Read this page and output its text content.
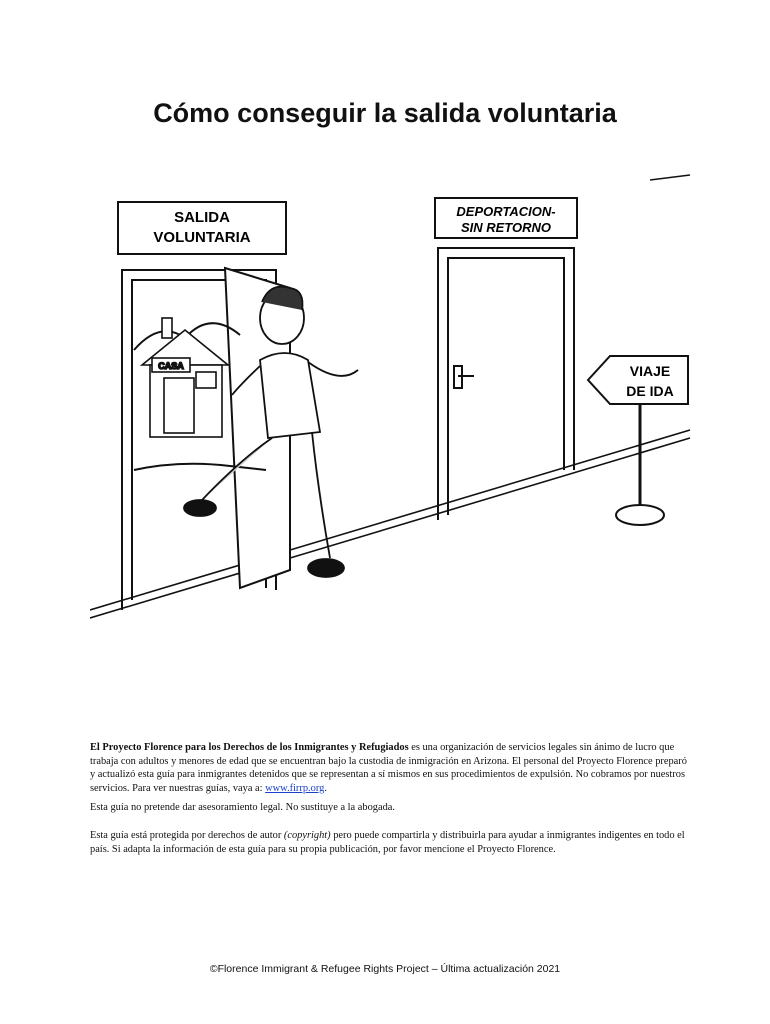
Cómo conseguir la salida voluntaria
SALIDA
VOLUNTARIA
CASA
DEPORTACION-
SIN RETORNO
VIAJE
DE IDA

El Proyecto Florence para los Derechos de los Inmigrantes y Refugiados es una organización de servicios legales sin ánimo de lucro que trabaja con adultos y menores de edad que se encuentran bajo la custodia de inmigración en Arizona. El personal del Proyecto Florence preparó y actualizó esta guía para inmigrantes detenidos que se representan a sí mismos en sus procedimientos de expulsión. No cobramos por nuestros servicios. Para ver nuestras guías, vaya a: www.firrp.org.

Esta guía no pretende dar asesoramiento legal. No sustituye a la abogada.

Esta guía está protegida por derechos de autor (copyright) pero puede compartirla y distribuirla para ayudar a inmigrantes indigentes en todo el país. Si adapta la información de esta guía para su propia publicación, por favor mencione el Proyecto Florence.

©Florence Immigrant & Refugee Rights Project – Última actualización 2021
